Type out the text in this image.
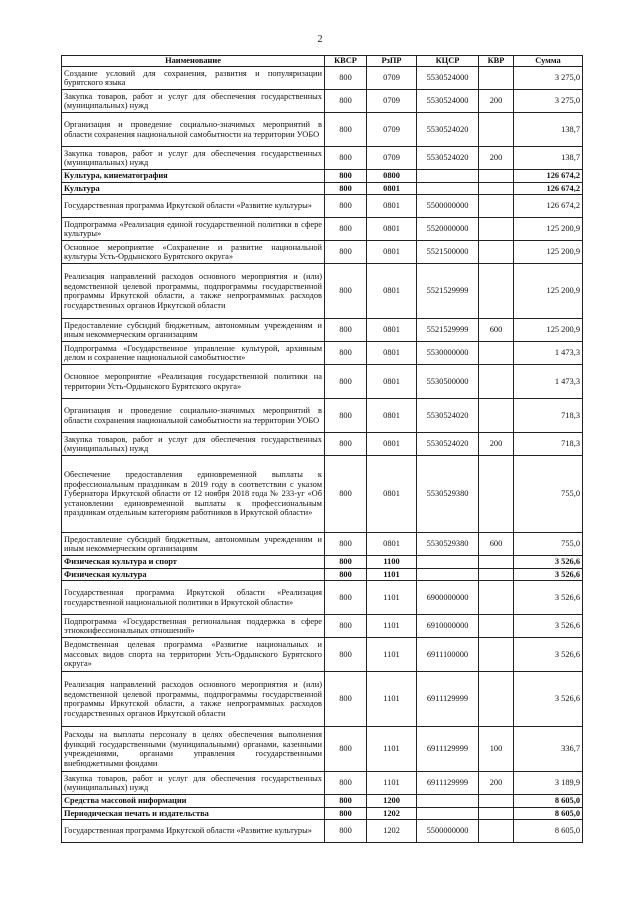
2
Наименование	КВСР	РзПР	КЦСР	КВР	Сумма
Создание условий для сохранения, развития и популяризации бурятского языка	800	0709	5530524000		3 275,0
Закупка товаров, работ и услуг для обеспечения государственных (муниципальных) нужд	800	0709	5530524000	200	3 275,0
Организация и проведение социально-значимых мероприятий в области сохранения национальной самобытности на территории УОБО	800	0709	5530524020		138,7
Закупка товаров, работ и услуг для обеспечения государственных (муниципальных) нужд	800	0709	5530524020	200	138,7
Культура, кинематография	800	0800			126 674,2
Культура	800	0801			126 674,2
Государственная программа Иркутской области «Развитие культуры»	800	0801	5500000000		126 674,2
Подпрограмма «Реализация единой государственной политики в сфере культуры»	800	0801	5520000000		125 200,9
Основное мероприятие «Сохранение и развитие национальной культуры Усть-Ордынского Бурятского округа»	800	0801	5521500000		125 200,9
Реализация направлений расходов основного мероприятия и (или) ведомственной целевой программы, подпрограммы государственной программы Иркутской области, а также непрограммных расходов государственных органов Иркутской области	800	0801	5521529999		125 200,9
Предоставление субсидий бюджетным, автономным учреждениям и иным некоммерческим организациям	800	0801	5521529999	600	125 200,9
Подпрограмма «Государственное управление культурой, архивным делом и сохранение национальной самобытности»	800	0801	5530000000		1 473,3
Основное мероприятие «Реализация государственной политики на территории Усть-Ордынского Бурятского округа»	800	0801	5530500000		1 473,3
Организация и проведение социально-значимых мероприятий в области сохранения национальной самобытности на территории УОБО	800	0801	5530524020		718,3
Закупка товаров, работ и услуг для обеспечения государственных (муниципальных) нужд	800	0801	5530524020	200	718,3
Обеспечение предоставления единовременной выплаты к профессиональным праздникам в 2019 году в соответствии с указом Губернатора Иркутской области от 12 ноября 2018 года № 233-уг «Об установлении единовременной выплаты к профессиональным праздникам отдельным категориям работников в Иркутской области»	800	0801	5530529380		755,0
Предоставление субсидий бюджетным, автономным учреждениям и иным некоммерческим организациям	800	0801	5530529380	600	755,0
Физическая культура и спорт	800	1100			3 526,6
Физическая культура	800	1101			3 526,6
Государственная программа Иркутской области «Реализация государственной национальной политики в Иркутской области»	800	1101	6900000000		3 526,6
Подпрограмма «Государственная региональная поддержка в сфере этноконфессиональных отношений»	800	1101	6910000000		3 526,6
Ведомственная целевая программа «Развитие национальных и массовых видов спорта на территории Усть-Ордынского Бурятского округа»	800	1101	6911100000		3 526,6
Реализация направлений расходов основного мероприятия и (или) ведомственной целевой программы, подпрограммы государственной программы Иркутской области, а также непрограммных расходов государственных органов Иркутской области	800	1101	6911129999		3 526,6
Расходы на выплаты персоналу в целях обеспечения выполнения функций государственными (муниципальными) органами, казенными учреждениями, органами управления государственными внебюджетными фондами	800	1101	6911129999	100	336,7
Закупка товаров, работ и услуг для обеспечения государственных (муниципальных) нужд	800	1101	6911129999	200	3 189,9
Средства массовой информации	800	1200			8 605,0
Периодическая печать и издательства	800	1202			8 605,0
Государственная программа Иркутской области «Развитие культуры»	800	1202	5500000000		8 605,0
